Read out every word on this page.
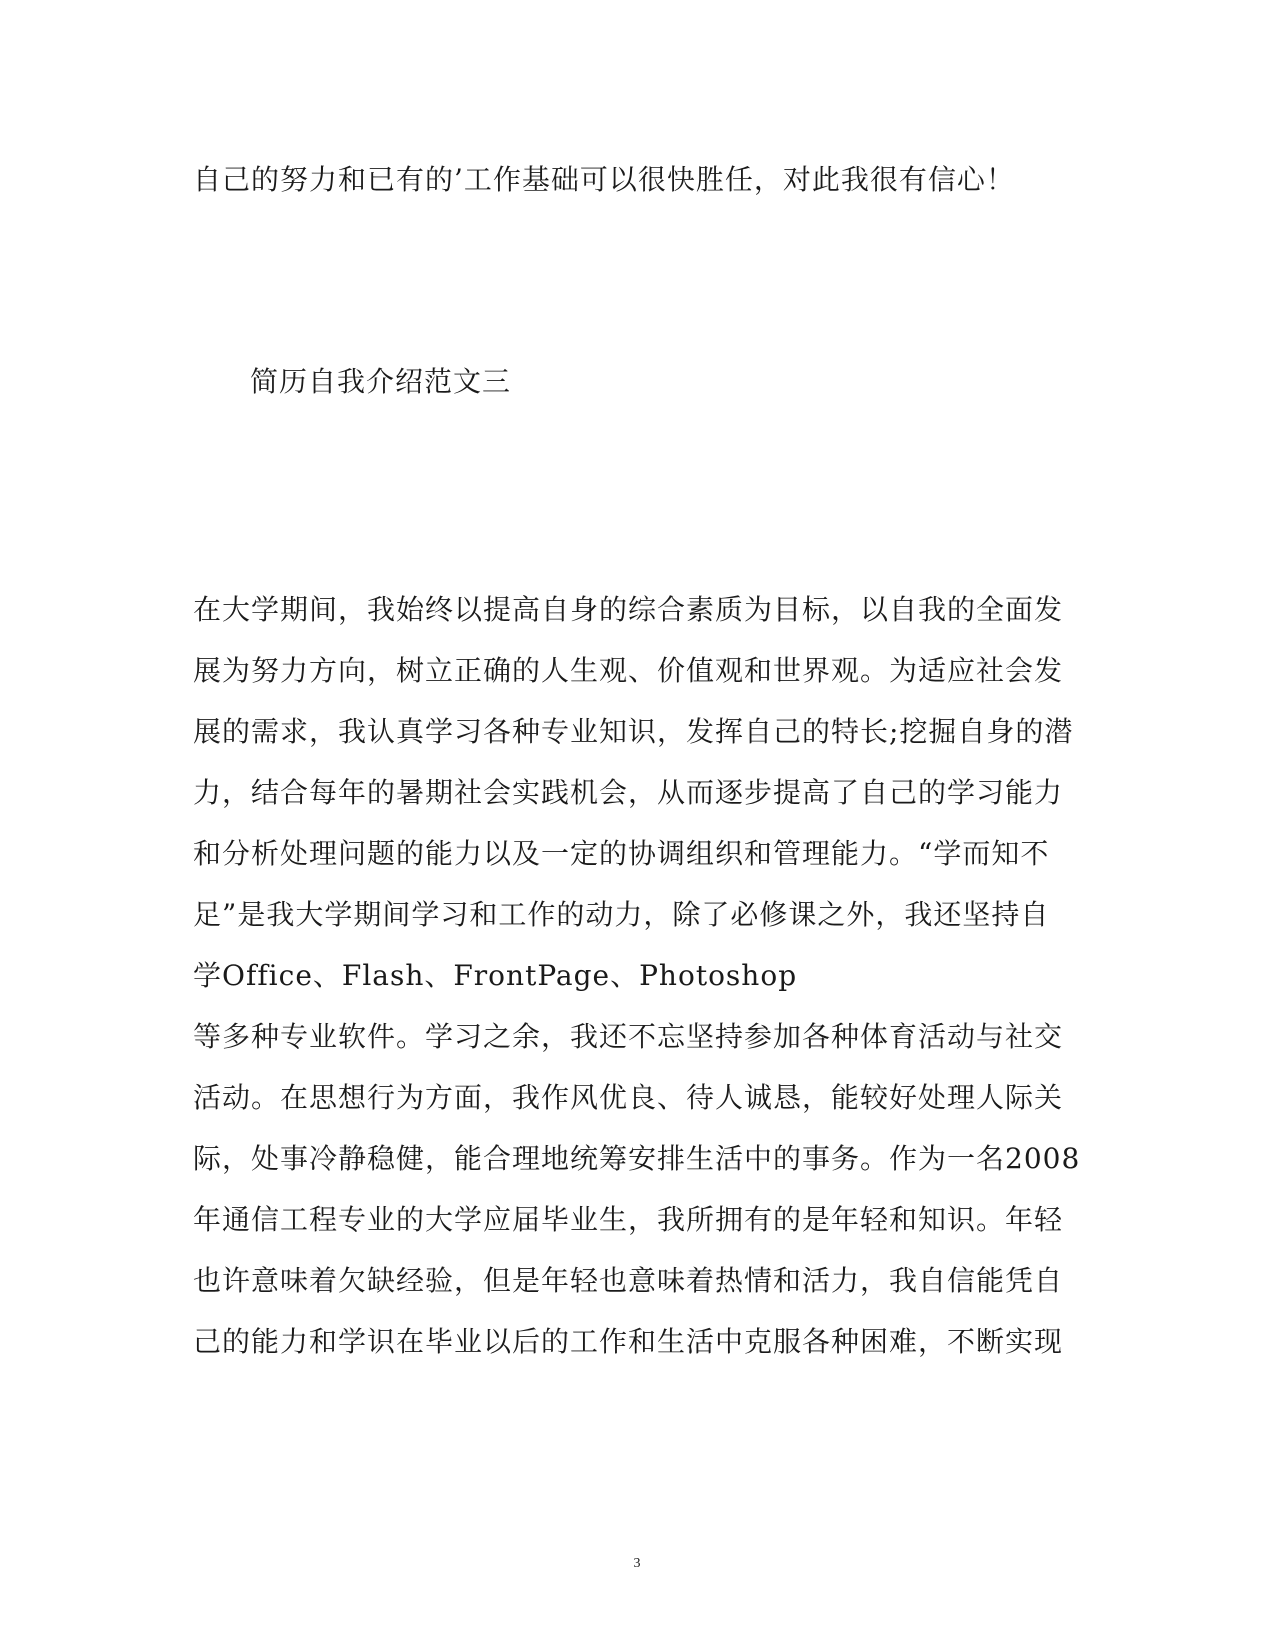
自己的努力和已有的’工作基础可以很快胜任，对此我很有信心！
简历自我介绍范文三
在大学期间，我始终以提高自身的综合素质为目标，以自我的全面发
展为努力方向，树立正确的人生观、价值观和世界观。为适应社会发
展的需求，我认真学习各种专业知识，发挥自己的特长;挖掘自身的潜
力，结合每年的暑期社会实践机会，从而逐步提高了自己的学习能力
和分析处理问题的能力以及一定的协调组织和管理能力。“学而知不
足”是我大学期间学习和工作的动力，除了必修课之外，我还坚持自
学Office、Flash、FrontPage、Photoshop
等多种专业软件。学习之余，我还不忘坚持参加各种体育活动与社交
活动。在思想行为方面，我作风优良、待人诚恳，能较好处理人际关
际，处事冷静稳健，能合理地统筹安排生活中的事务。作为一名2008
年通信工程专业的大学应届毕业生，我所拥有的是年轻和知识。年轻
也许意味着欠缺经验，但是年轻也意味着热情和活力，我自信能凭自
己的能力和学识在毕业以后的工作和生活中克服各种困难，不断实现
3
